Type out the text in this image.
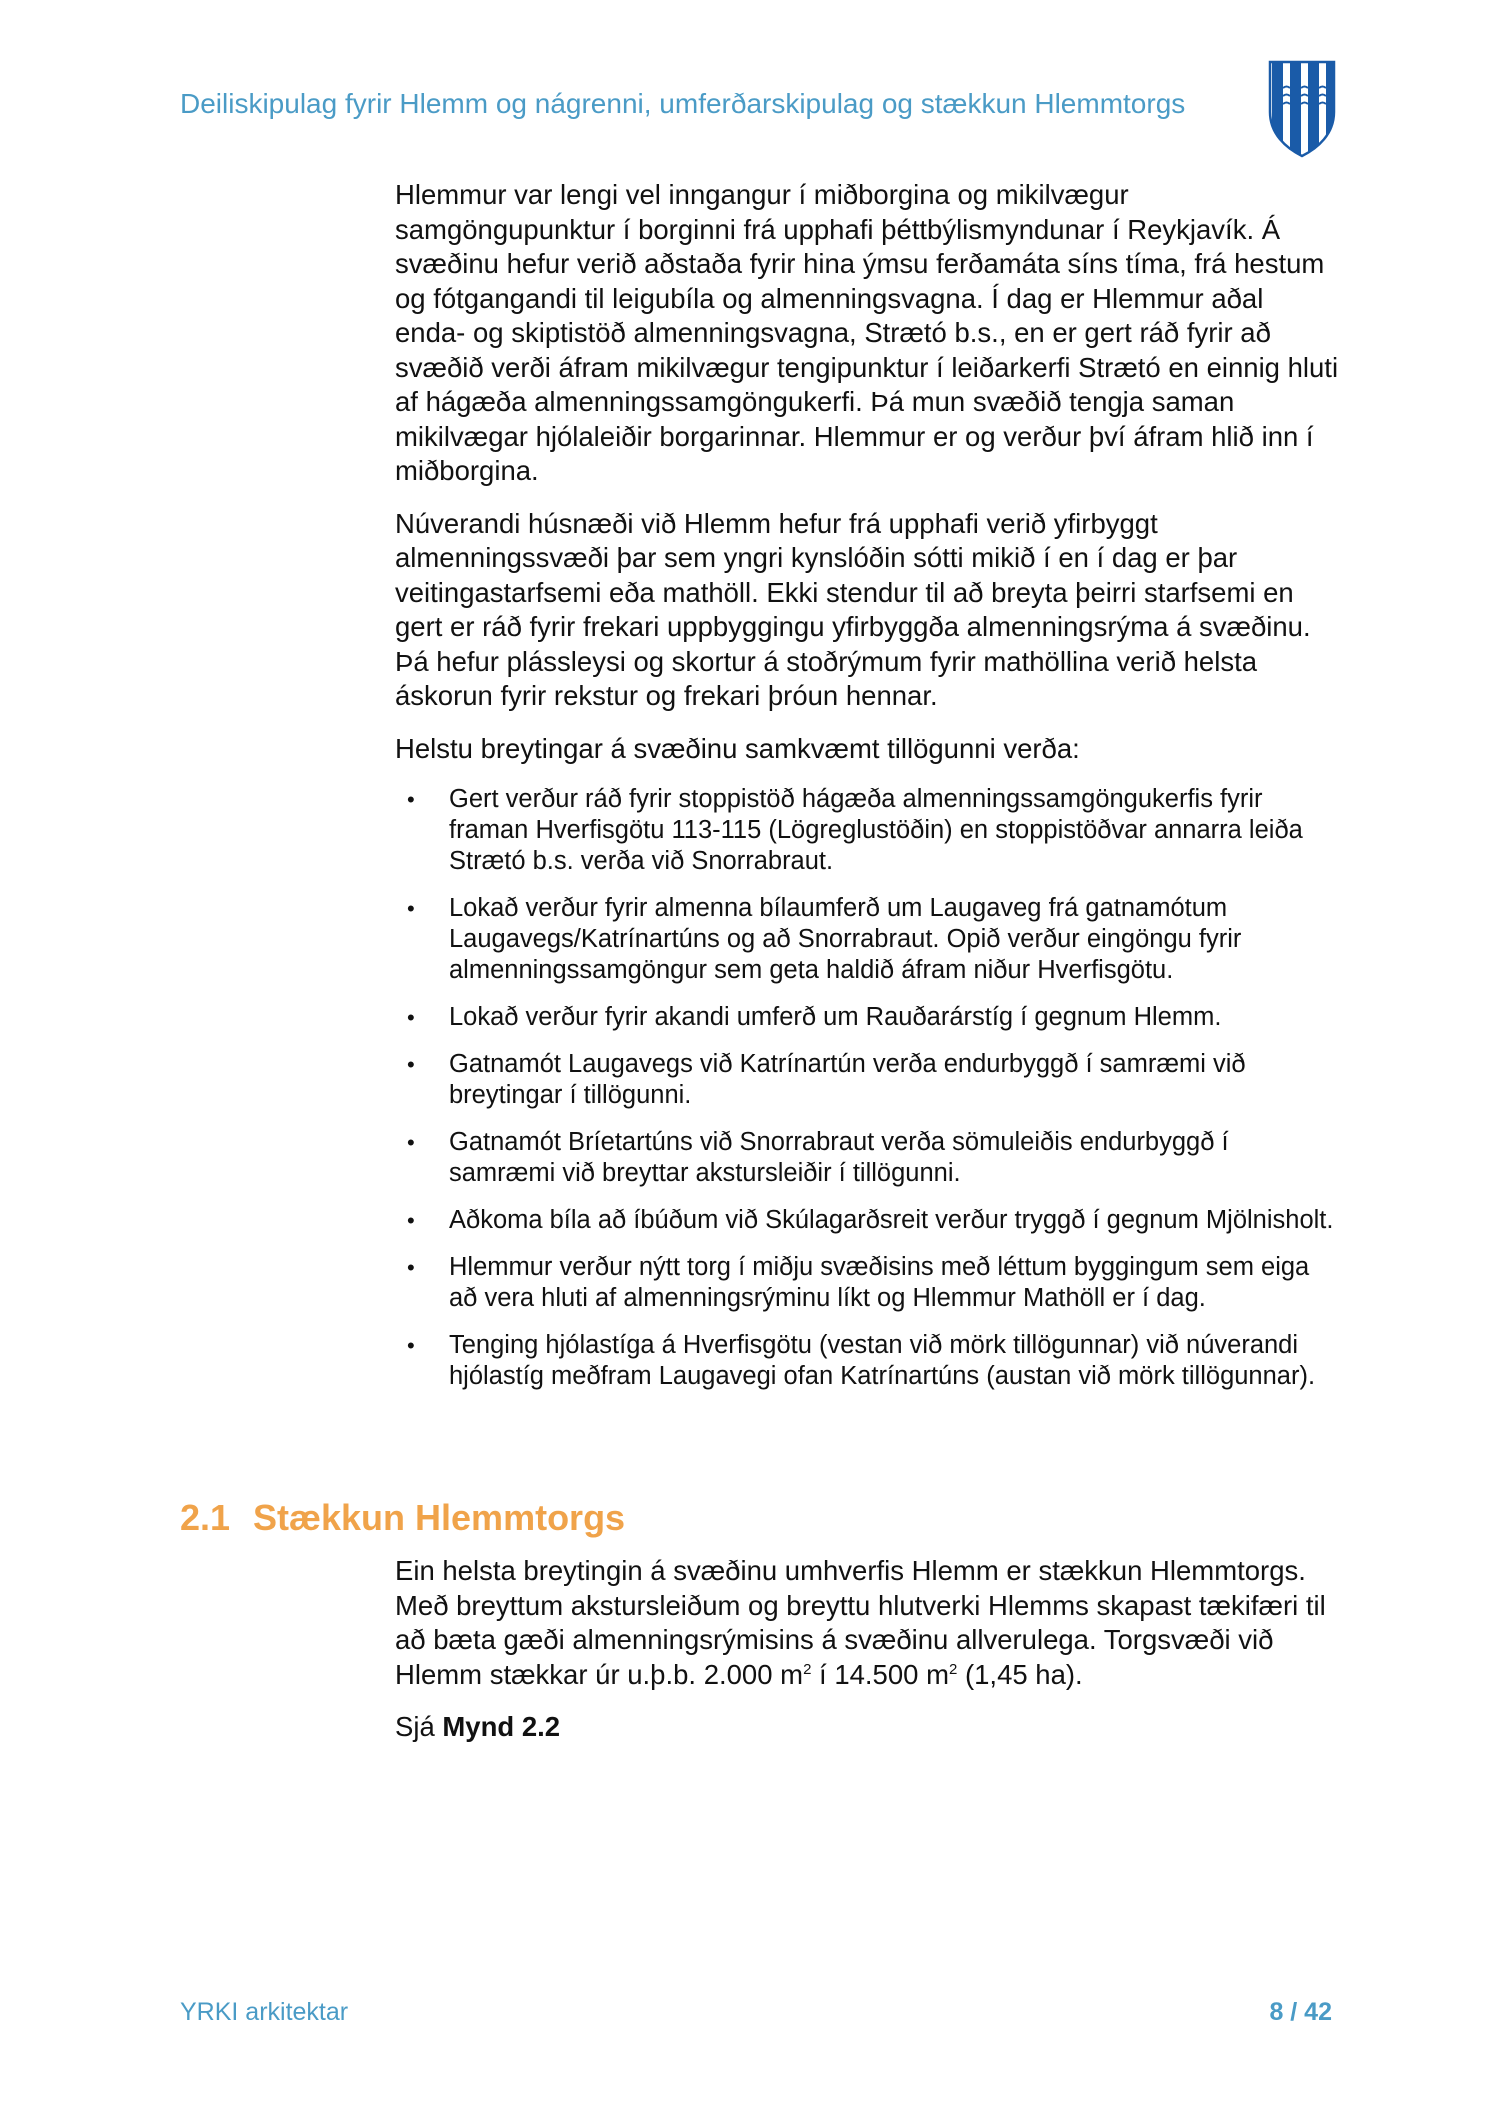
Deiliskipulag fyrir Hlemm og nágrenni, umferðarskipulag og stækkun Hlemmtorgs

Hlemmur var lengi vel inngangur í miðborgina og mikilvægur samgöngupunktur í borginni frá upphafi þéttbýlismyndunar í Reykjavík. Á svæðinu hefur verið aðstaða fyrir hina ýmsu ferðamáta síns tíma, frá hestum og fótgangandi til leigubíla og almenningsvagna. Í dag er Hlemmur aðal enda- og skiptistöð almenningsvagna, Strætó b.s., en er gert ráð fyrir að svæðið verði áfram mikilvægur tengipunktur í leiðarkerfi Strætó en einnig hluti af hágæða almenningssamgöngukerfi. Þá mun svæðið tengja saman mikilvægar hjólaleiðir borgarinnar. Hlemmur er og verður því áfram hlið inn í miðborgina.

Núverandi húsnæði við Hlemm hefur frá upphafi verið yfirbyggt almenningssvæði þar sem yngri kynslóðin sótti mikið í en í dag er þar veitingastarfsemi eða mathöll. Ekki stendur til að breyta þeirri starfsemi en gert er ráð fyrir frekari uppbyggingu yfirbyggða almenningsrýma á svæðinu. Þá hefur plássleysi og skortur á stoðrýmum fyrir mathöllina verið helsta áskorun fyrir rekstur og frekari þróun hennar.

Helstu breytingar á svæðinu samkvæmt tillögunni verða:

• Gert verður ráð fyrir stoppistöð hágæða almenningssamgöngukerfis fyrir framan Hverfisgötu 113-115 (Lögreglustöðin) en stoppistöðvar annarra leiða Strætó b.s. verða við Snorrabraut.
• Lokað verður fyrir almenna bílaumferð um Laugaveg frá gatnamótum Laugavegs/Katrínartúns og að Snorrabraut. Opið verður eingöngu fyrir almenningssamgöngur sem geta haldið áfram niður Hverfisgötu.
• Lokað verður fyrir akandi umferð um Rauðarárstíg í gegnum Hlemm.
• Gatnamót Laugavegs við Katrínartún verða endurbyggð í samræmi við breytingar í tillögunni.
• Gatnamót Bríetartúns við Snorrabraut verða sömuleiðis endurbyggð í samræmi við breyttar akstursleiðir í tillögunni.
• Aðkoma bíla að íbúðum við Skúlagarðsreit verður tryggð í gegnum Mjölnisholt.
• Hlemmur verður nýtt torg í miðju svæðisins með léttum byggingum sem eiga að vera hluti af almenningsrýminu líkt og Hlemmur Mathöll er í dag.
• Tenging hjólastíga á Hverfisgötu (vestan við mörk tillögunnar) við núverandi hjólastíg meðfram Laugavegi ofan Katrínartúns (austan við mörk tillögunnar).
2.1 Stækkun Hlemmtorgs

Ein helsta breytingin á svæðinu umhverfis Hlemm er stækkun Hlemmtorgs. Með breyttum akstursleiðum og breyttu hlutverki Hlemms skapast tækifæri til að bæta gæði almenningsrýmisins á svæðinu allverulega. Torgsvæði við Hlemm stækkar úr u.þ.b. 2.000 $m^2$ í 14.500 $m^2$ (1,45 ha).

Sjá Mynd 2.2

YRKI arkitektar	8 / 42
